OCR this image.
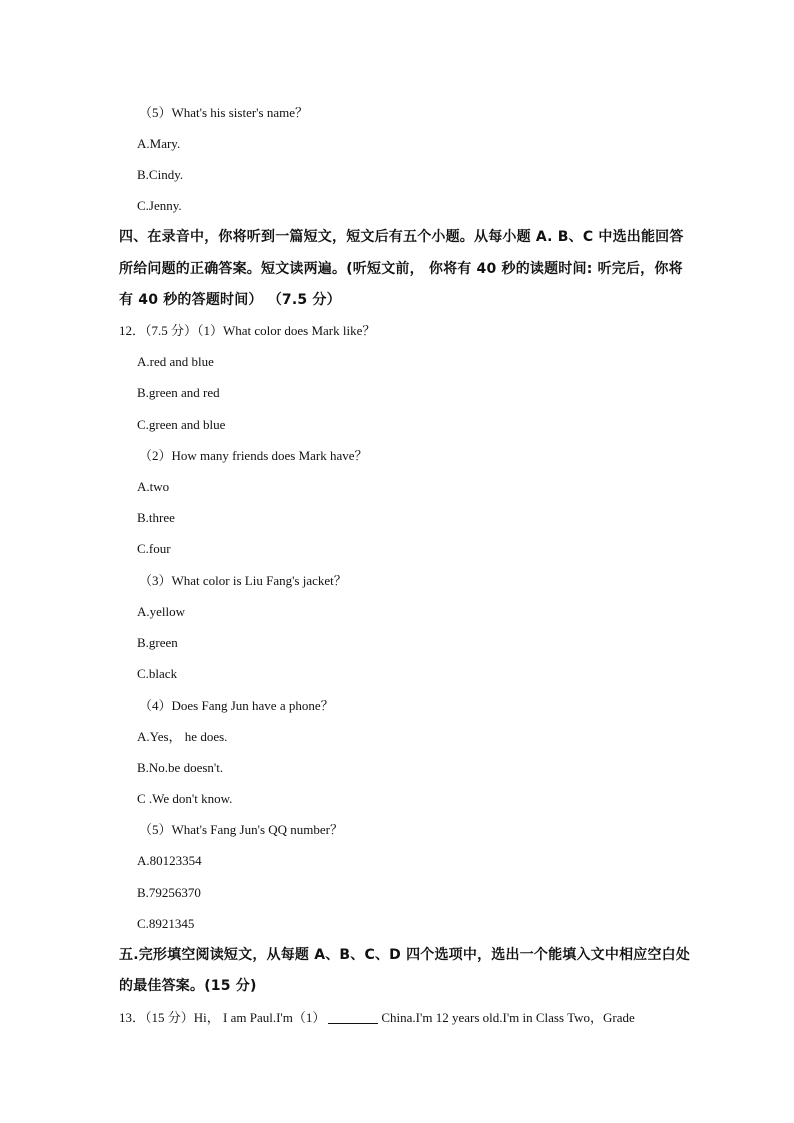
（5）What's his sister's name？
A.Mary.
B.Cindy.
C.Jenny.
四、在录音中，你将听到一篇短文，短文后有五个小题。从每小题 A. B、C 中选出能回答
所给问题的正确答案。短文读两遍。(听短文前， 你将有 40 秒的读题时间: 听完后，你将
有 40 秒的答题时间） （7.5 分）
12．（7.5 分）（1）What color does Mark like？
A.red and blue
B.green and red
C.green and blue
（2）How many friends does Mark have？
A.two
B.three
C.four
（3）What color is Liu Fang's jacket？
A.yellow
B.green
C.black
（4）Does Fang Jun have a phone？
A.Yes， he does.
B.No.be doesn't.
C .We don't know.
（5）What's Fang Jun's QQ number？
A.80123354
B.79256370
C.8921345
五.完形填空阅读短文，从每题 A、B、C、D 四个选项中，选出一个能填入文中相应空白处
的最佳答案。(15 分)
13．（15 分）Hi， I am Paul.I'm（1）	China.I'm 12 years old.I'm in Class Two，Grade
